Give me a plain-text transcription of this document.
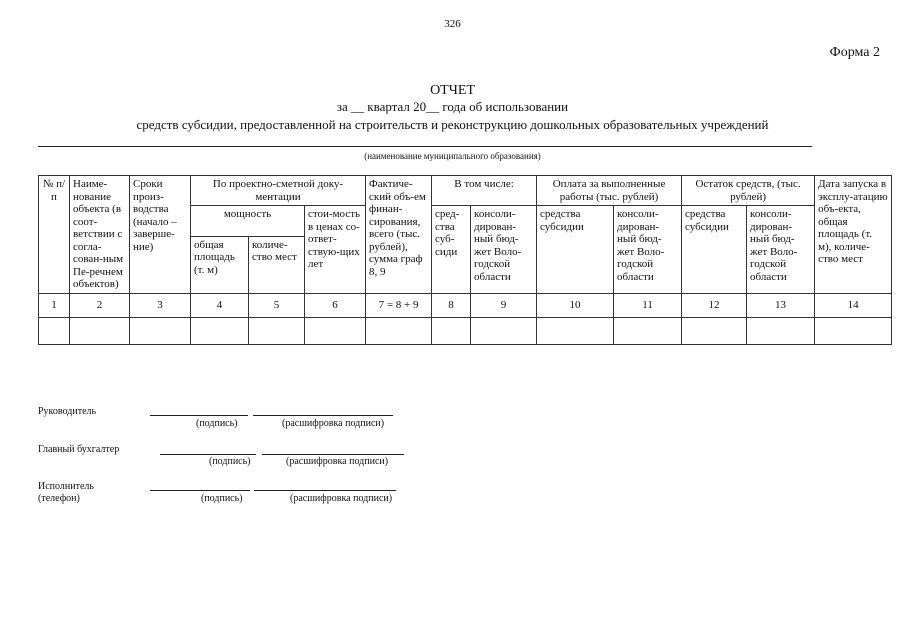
326
Форма 2
ОТЧЕТ
за __ квартал 20__ года об использовании
средств субсидии, предоставленной на строительств и реконструкцию дошкольных образовательных учреждений
(наименование муниципального образования)
№ п/п	Наиме-нование объекта (в соот-ветствии с согла-сован-ным Пе-речнем объектов)	Сроки произ-водства (начало – заверше-ние)	По проектно-сметной доку-ментации			Фактиче-ский объ-ем финан-сирования, всего (тыс. рублей), сумма граф 8, 9	В том числе:		Оплата за выполненные работы (тыс. рублей)		Остаток средств, (тыс. рублей)		Дата запуска в эксплу-атацию объ-екта, общая площадь (т. м), количе-ство мест
			мощность		стои-мость в ценах со-ответ-ствую-щих лет		сред-ства суб-сиди	консоли-дирован-ный бюд-жет Воло-годской области	средства субсидии	консоли-дирован-ный бюд-жет Воло-годской области	средства субсидии	консоли-дирован-ный бюд-жет Воло-годской области	
			общая площадь (т. м)	количе-ство мест									
1	2	3	4	5	6	7 = 8 + 9	8	9	10	11	12	13	14

Руководитель
(подпись)	(расшифровка подписи)
Главный бухгалтер
(подпись)	(расшифровка подписи)
Исполнитель
(телефон)	(подпись)	(расшифровка подписи)
